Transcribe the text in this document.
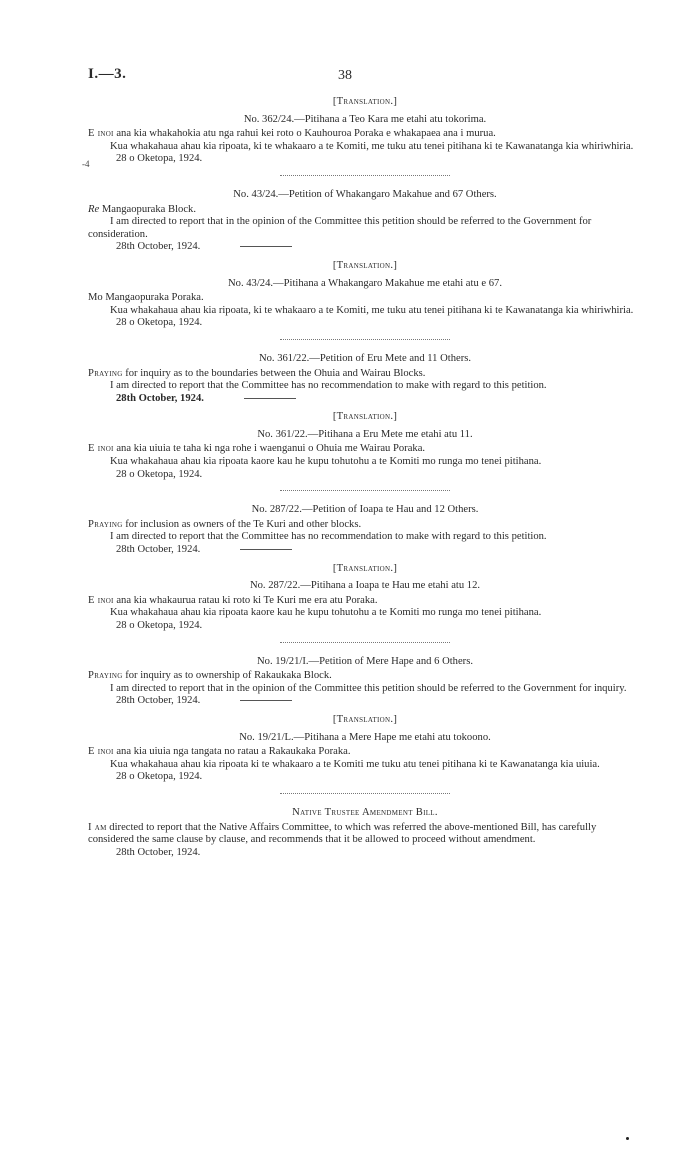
I.—3.	38
[Translation.]
No. 362/24.—Pitihana a Teo Kara me etahi atu tokorima.

E inoi ana kia whakahokia atu nga rahui kei roto o Kauhouroa Poraka e whakapaea ana i murua.

Kua whakahaua ahau kia ripoata, ki te whakaaro a te Komiti, me tuku atu tenei pitihana ki te Kawanatanga kia whiriwhiria.

-4	28 o Oketopa, 1924.

No. 43/24.—Petition of Whakangaro Makahue and 67 Others.

Re Mangaopuraka Block.

I am directed to report that in the opinion of the Committee this petition should be referred to the Government for consideration.

28th October, 1924.

[Translation.]
No. 43/24.—Pitihana a Whakangaro Makahue me etahi atu e 67.

Mo Mangaopuraka Poraka.

Kua whakahaua ahau kia ripoata, ki te whakaaro a te Komiti, me tuku atu tenei pitihana ki te Kawanatanga kia whiriwhiria.

28 o Oketopa, 1924.

No. 361/22.—Petition of Eru Mete and 11 Others.

Praying for inquiry as to the boundaries between the Ohuia and Wairau Blocks.

I am directed to report that the Committee has no recommendation to make with regard to this petition.

28th October, 1924.

[Translation.]
No. 361/22.—Pitihana a Eru Mete me etahi atu 11.

E inoi ana kia uiuia te taha ki nga rohe i waenganui o Ohuia me Wairau Poraka.

Kua whakahaua ahau kia ripoata kaore kau he kupu tohutohu a te Komiti mo runga mo tenei pitihana.

28 o Oketopa, 1924.

No. 287/22.—Petition of Ioapa te Hau and 12 Others.

Praying for inclusion as owners of the Te Kuri and other blocks.

I am directed to report that the Committee has no recommendation to make with regard to this petition.

28th October, 1924.

[Translation.]
No. 287/22.—Pitihana a Ioapa te Hau me etahi atu 12.

E inoi ana kia whakaurua ratau ki roto ki Te Kuri me era atu Poraka.

Kua whakahaua ahau kia ripoata kaore kau he kupu tohutohu a te Komiti mo runga mo tenei pitihana.

28 o Oketopa, 1924.

No. 19/21/I.—Petition of Mere Hape and 6 Others.

Praying for inquiry as to ownership of Rakaukaka Block.

I am directed to report that in the opinion of the Committee this petition should be referred to the Government for inquiry.

28th October, 1924.

[Translation.]
No. 19/21/L.—Pitihana a Mere Hape me etahi atu tokoono.

E inoi ana kia uiuia nga tangata no ratau a Rakaukaka Poraka.

Kua whakahaua ahau kia ripoata ki te whakaaro a te Komiti me tuku atu tenei pitihana ki te Kawanatanga kia uiuia.

28 o Oketopa, 1924.

Native Trustee Amendment Bill.

I am directed to report that the Native Affairs Committee, to which was referred the above-mentioned Bill, has carefully considered the same clause by clause, and recommends that it be allowed to proceed without amendment.

28th October, 1924.
